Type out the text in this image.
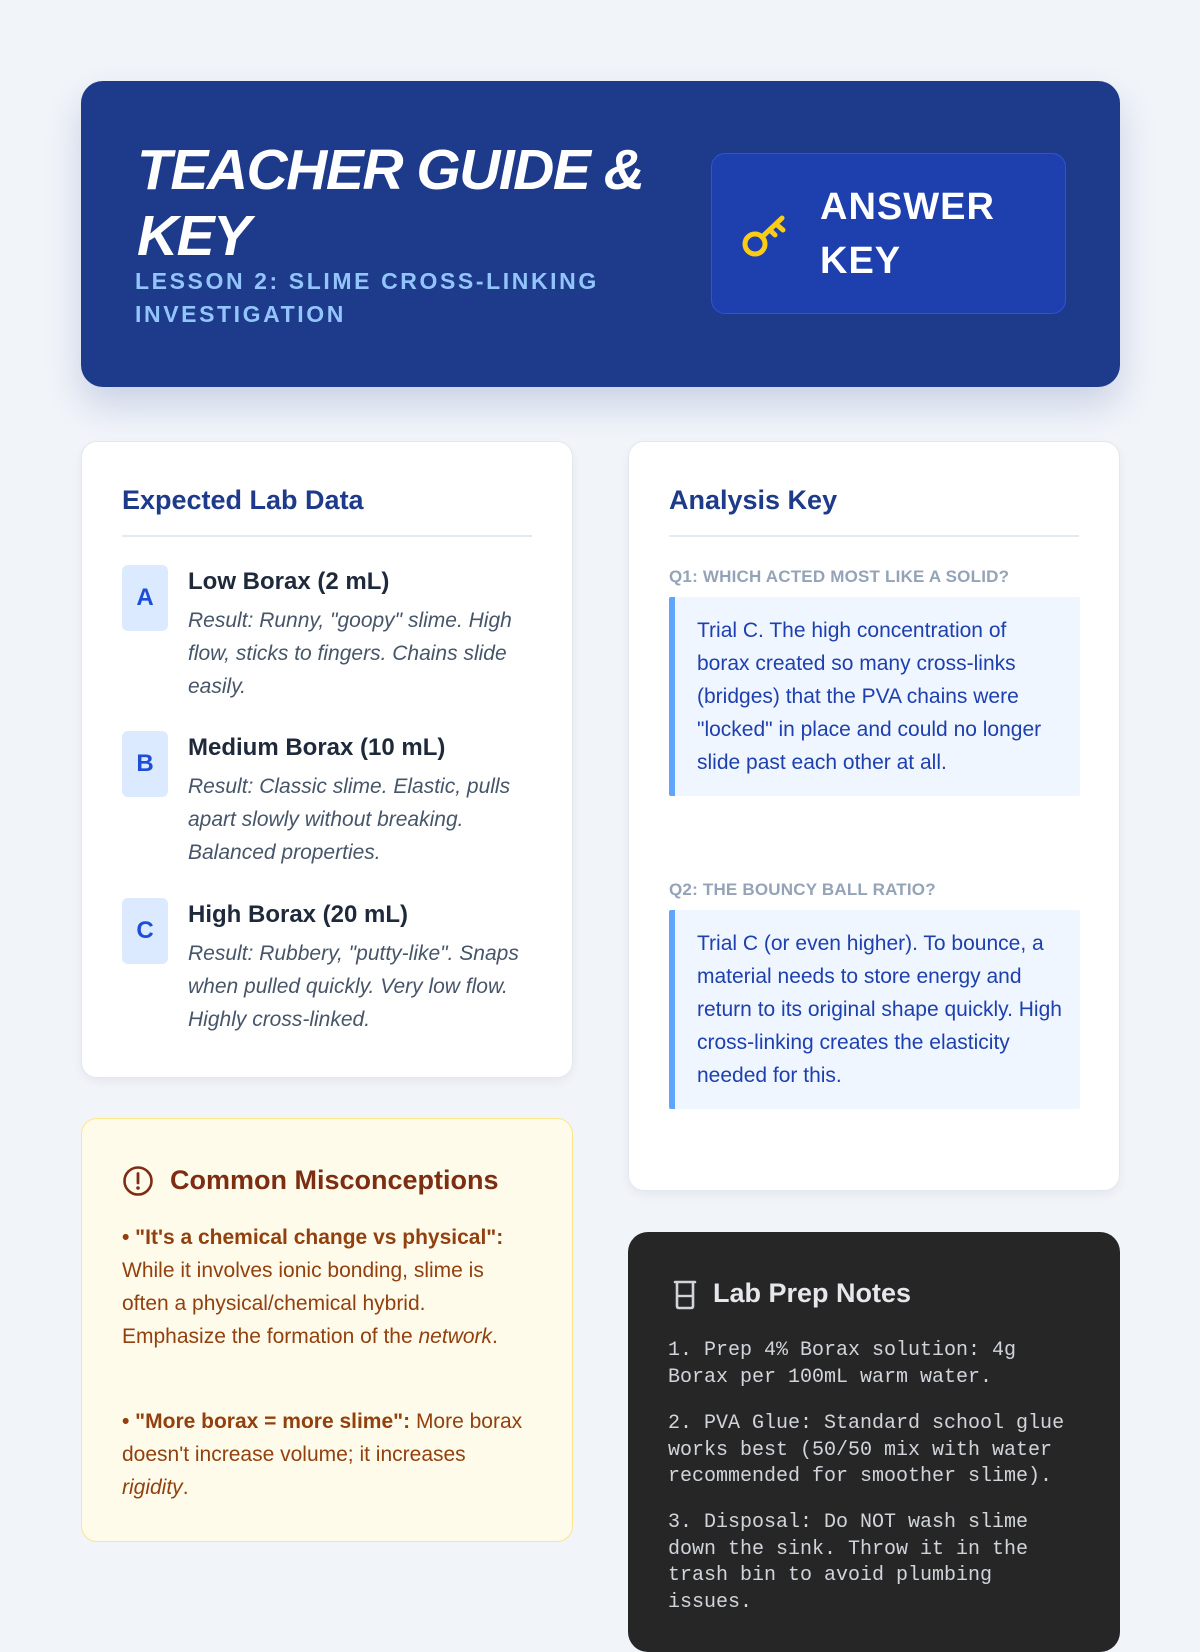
TEACHER GUIDE & KEY
LESSON 2: SLIME CROSS-LINKING INVESTIGATION
ANSWER KEY
Expected Lab Data
A
Low Borax (2 mL)
Result: Runny, "goopy" slime. High flow, sticks to fingers. Chains slide easily.
B
Medium Borax (10 mL)
Result: Classic slime. Elastic, pulls apart slowly without breaking. Balanced properties.
C
High Borax (20 mL)
Result: Rubbery, "putty-like". Snaps when pulled quickly. Very low flow. Highly cross-linked.
Analysis Key
Q1: WHICH ACTED MOST LIKE A SOLID?
Trial C. The high concentration of borax created so many cross-links (bridges) that the PVA chains were "locked" in place and could no longer slide past each other at all.
Q2: THE BOUNCY BALL RATIO?
Trial C (or even higher). To bounce, a material needs to store energy and return to its original shape quickly. High cross-linking creates the elasticity needed for this.
Common Misconceptions
• "It's a chemical change vs physical": While it involves ionic bonding, slime is often a physical/chemical hybrid. Emphasize the formation of the network.
• "More borax = more slime": More borax doesn't increase volume; it increases rigidity.
Lab Prep Notes
1. Prep 4% Borax solution: 4g Borax per 100mL warm water.
2. PVA Glue: Standard school glue works best (50/50 mix with water recommended for smoother slime).
3. Disposal: Do NOT wash slime down the sink. Throw it in the trash bin to avoid plumbing issues.
